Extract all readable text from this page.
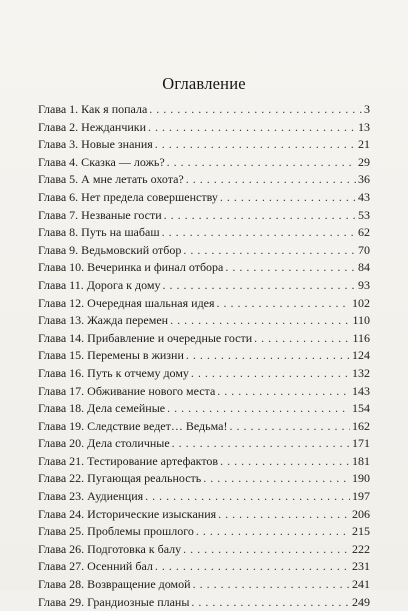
Оглавление
Глава 1. Как я попала . . .	3
Глава 2. Нежданчики . . .	13
Глава 3. Новые знания . . .	21
Глава 4. Сказка — ложь? . . .	29
Глава 5. А мне летать охота? . . .	36
Глава 6. Нет предела совершенству . . .	43
Глава 7. Незваные гости . . .	53
Глава 8. Путь на шабаш . . .	62
Глава 9. Ведьмовский отбор . . .	70
Глава 10. Вечеринка и финал отбора . . .	84
Глава 11. Дорога к дому . . .	93
Глава 12. Очередная шальная идея . . .	102
Глава 13. Жажда перемен . . .	110
Глава 14. Прибавление и очередные гости . . .	116
Глава 15. Перемены в жизни . . .	124
Глава 16. Путь к отчему дому . . .	132
Глава 17. Обживание нового места . . .	143
Глава 18. Дела семейные . . .	154
Глава 19. Следствие ведет… Ведьма! . . .	162
Глава 20. Дела столичные . . .	171
Глава 21. Тестирование артефактов . . .	181
Глава 22. Пугающая реальность . . .	190
Глава 23. Аудиенция . . .	197
Глава 24. Исторические изыскания . . .	206
Глава 25. Проблемы прошлого . . .	215
Глава 26. Подготовка к балу . . .	222
Глава 27. Осенний бал . . .	231
Глава 28. Возвращение домой . . .	241
Глава 29. Грандиозные планы . . .	249
